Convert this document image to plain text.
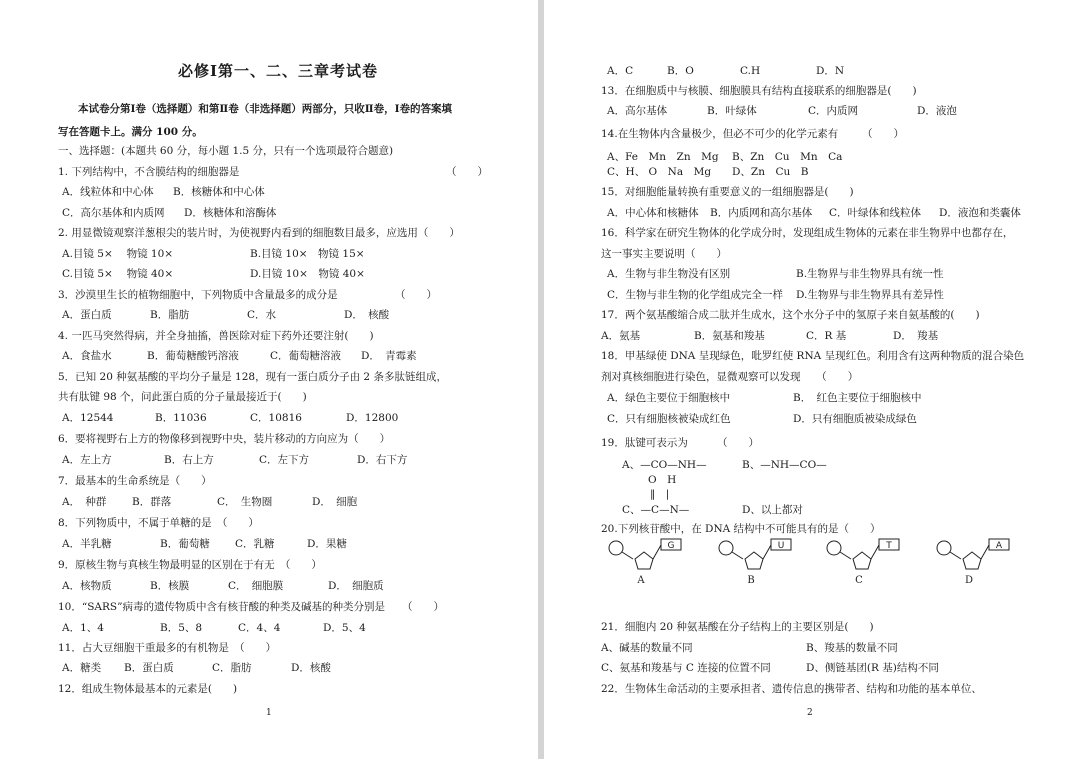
必修Ⅰ第一、二、三章考试卷
本试卷分第Ⅰ卷（选择题）和第Ⅱ卷（非选择题）两部分，只收Ⅱ卷，Ⅰ卷的答案填
写在答题卡上。满分 100 分。
一、选择题：(本题共 60 分，每小题 1.5 分，只有一个选项最符合题意)
1. 下列结构中，不含膜结构的细胞器是	（　　）
A．线粒体和中心体 B．核糖体和中心体
C．高尔基体和内质网 D．核糖体和溶酶体
2. 用显微镜观察洋葱根尖的装片时，为使视野内看到的细胞数目最多，应选用（　　）
A.目镜 5×　 物镜 10×	B.目镜 10×　物镜 15×
C.目镜 5×　 物镜 40×	D.目镜 10×　物镜 40×
3．沙漠里生长的植物细胞中，下列物质中含量最多的成分是	（　　）
A．蛋白质	B．脂肪	C．水	D．　核酸
4. 一匹马突然得病，并全身抽搐，兽医除对症下药外还要注射(　　)
A．食盐水	B．葡萄糖酸钙溶液	C．葡萄糖溶液 D．　青霉素
5．已知 20 种氨基酸的平均分子量是 128，现有一蛋白质分子由 2 条多肽链组成，
共有肽键 98 个，问此蛋白质的分子量最接近于(　　)
A．12544	B．11036	C．10816	D．12800
6．要将视野右上方的物像移到视野中央，装片移动的方向应为（　　）
A．左上方	B．右上方	C．左下方	D．右下方
7．最基本的生命系统是（　　）
A．　种群 B．群落	C．　生物圈	D．　细胞
8．下列物质中，不属于单糖的是　（　　）
A．半乳糖	B．葡萄糖 C．乳糖	D．果糖
9．原核生物与真核生物最明显的区别在于有无　（　　）
A．核物质	B．核膜	C．　细胞膜	D．　细胞质
10．“SARS”病毒的遗传物质中含有核苷酸的种类及碱基的种类分别是 （　　）
A．1、4	B．5、8	C．4、4	D．5、4
11．占大豆细胞干重最多的有机物是　（　　）
A．糖类 B．蛋白质	C．脂肪	D．核酸
12．组成生物体最基本的元素是(　　)
1
A．C	B．O	C.H	D．N
13．在细胞质中与核膜、细胞膜具有结构直接联系的细胞器是(　　)
A．高尔基体	B．叶绿体	C．内质网	D．液泡
14.在生物体内含量极少，但必不可少的化学元素有 （　　）
A、Fe　Mn　Zn　Mg B、Zn　Cu　Mn　Ca
C、H、 O　Na　Mg D、Zn　Cu　B
15．对细胞能量转换有重要意义的一组细胞器是(　　)
A．中心体和核糖体 B．内质网和高尔基体 C．叶绿体和线粒体 D．液泡和类囊体
16．科学家在研究生物体的化学成分时，发现组成生物体的元素在非生物界中也都存在，
这一事实主要说明（　　）
A．生物与非生物没有区别	B.生物界与非生物界具有统一性
C．生物与非生物的化学组成完全一样 D.生物界与非生物界具有差异性
17．两个氨基酸缩合成二肽并生成水，这个水分子中的氢原子来自氨基酸的(　　)
A．氨基	B．氨基和羧基	C．R 基	D．　羧基
18．甲基绿使 DNA 呈现绿色，吡罗红使 RNA 呈现红色。利用含有这两种物质的混合染色
剂对真核细胞进行染色，显微观察可以发现　　（　　）
A．绿色主要位于细胞核中	B．　红色主要位于细胞核中
C．只有细胞核被染成红色	D．只有细胞质被染成绿色
19．肽键可表示为	（　　）
A、—CO—NH—	B、—NH—CO—
O　H
‖　|
C、—C—N—	D、以上都对
20.下列核苷酸中，在 DNA 结构中不可能具有的是（　　）
G
A
U
B
T
C
A
D
21．细胞内 20 种氨基酸在分子结构上的主要区别是(　　)
A、碱基的数量不同	B、羧基的数量不同
C、氨基和羧基与 C 连接的位置不同	D、侧链基团(R 基)结构不同
22．生物体生命活动的主要承担者、遗传信息的携带者、结构和功能的基本单位、
2
